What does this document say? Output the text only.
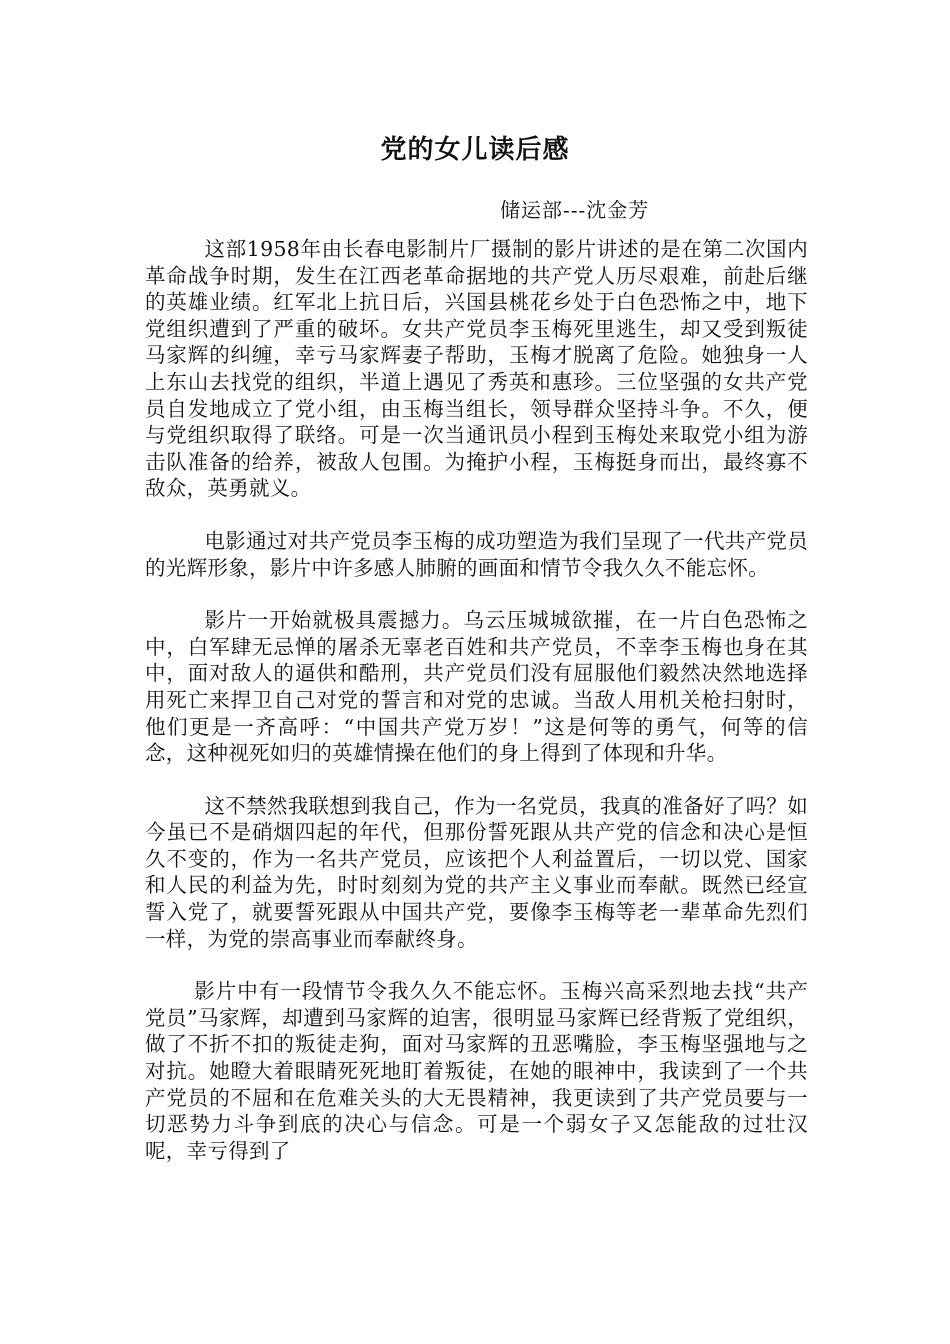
党的女儿读后感
储运部---沈金芳

这部1958年由长春电影制片厂摄制的影片讲述的是在第二次国内革命战争时期，发生在江西老革命据地的共产党人历尽艰难，前赴后继的英雄业绩。红军北上抗日后，兴国县桃花乡处于白色恐怖之中，地下党组织遭到了严重的破坏。女共产党员李玉梅死里逃生，却又受到叛徒马家辉的纠缠，幸亏马家辉妻子帮助，玉梅才脱离了危险。她独身一人上东山去找党的组织，半道上遇见了秀英和惠珍。三位坚强的女共产党员自发地成立了党小组，由玉梅当组长，领导群众坚持斗争。不久，便与党组织取得了联络。可是一次当通讯员小程到玉梅处来取党小组为游击队准备的给养，被敌人包围。为掩护小程，玉梅挺身而出，最终寡不敌众，英勇就义。

电影通过对共产党员李玉梅的成功塑造为我们呈现了一代共产党员的光辉形象，影片中许多感人肺腑的画面和情节令我久久不能忘怀。

影片一开始就极具震撼力。乌云压城城欲摧，在一片白色恐怖之中，白军肆无忌惮的屠杀无辜老百姓和共产党员，不幸李玉梅也身在其中，面对敌人的逼供和酷刑，共产党员们没有屈服他们毅然决然地选择用死亡来捍卫自己对党的誓言和对党的忠诚。当敌人用机关枪扫射时，他们更是一齐高呼：“中国共产党万岁！”这是何等的勇气，何等的信念，这种视死如归的英雄情操在他们的身上得到了体现和升华。

这不禁然我联想到我自己，作为一名党员，我真的准备好了吗？如今虽已不是硝烟四起的年代，但那份誓死跟从共产党的信念和决心是恒久不变的，作为一名共产党员，应该把个人利益置后，一切以党、国家和人民的利益为先，时时刻刻为党的共产主义事业而奉献。既然已经宣誓入党了，就要誓死跟从中国共产党，要像李玉梅等老一辈革命先烈们一样，为党的崇高事业而奉献终身。

影片中有一段情节令我久久不能忘怀。玉梅兴高采烈地去找“共产党员”马家辉，却遭到马家辉的迫害，很明显马家辉已经背叛了党组织，做了不折不扣的叛徒走狗，面对马家辉的丑恶嘴脸，李玉梅坚强地与之对抗。她瞪大着眼睛死死地盯着叛徒，在她的眼神中，我读到了一个共产党员的不屈和在危难关头的大无畏精神，我更读到了共产党员要与一切恶势力斗争到底的决心与信念。可是一个弱女子又怎能敌的过壮汉呢，幸亏得到了
